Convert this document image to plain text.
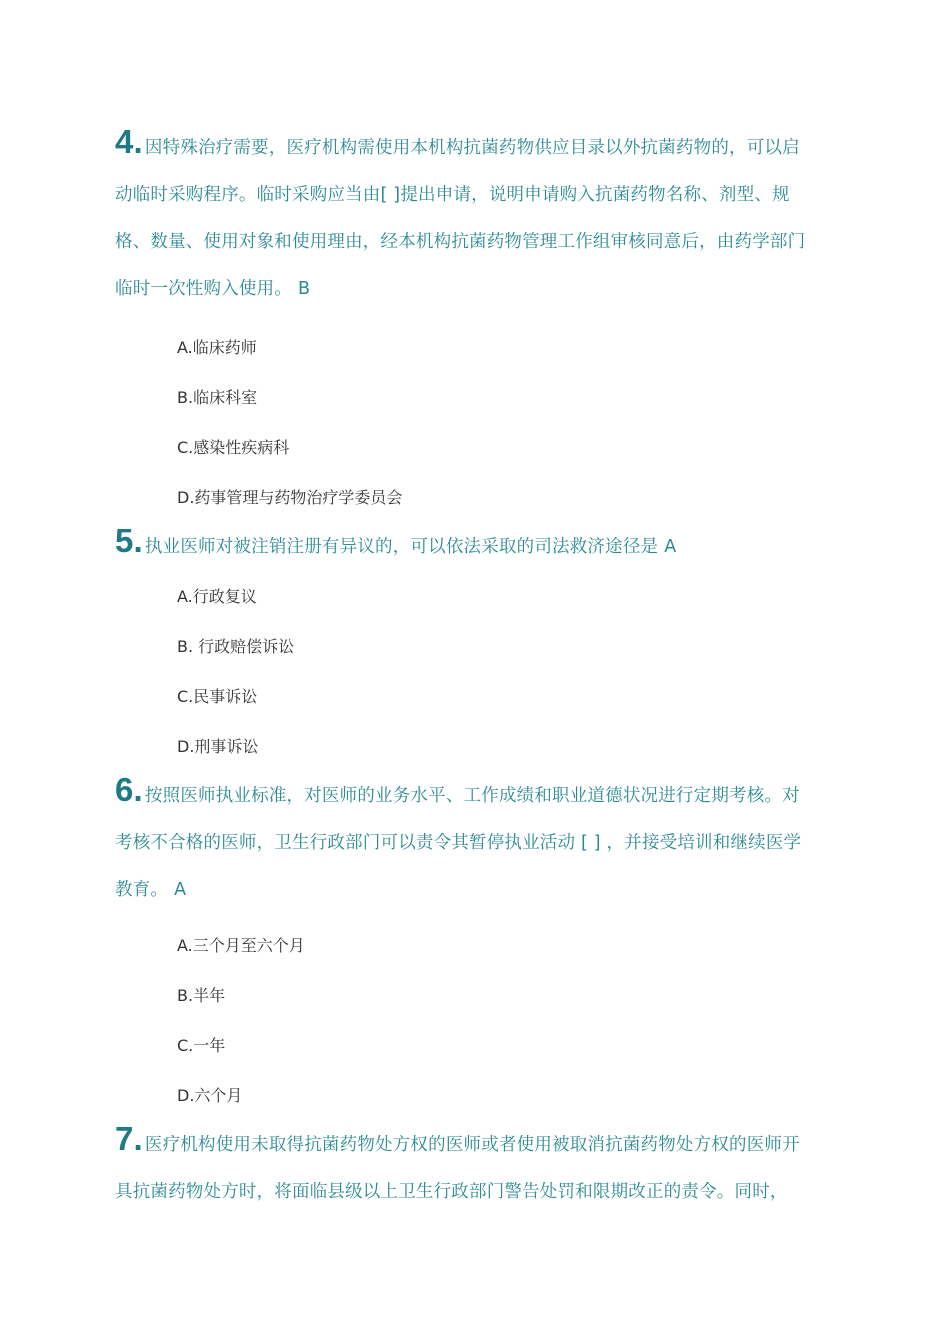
4. 因特殊治疗需要，医疗机构需使用本机构抗菌药物供应目录以外抗菌药物的，可以启动临时采购程序。临时采购应当由[ ]提出申请，说明申请购入抗菌药物名称、剂型、规格、数量、使用对象和使用理由，经本机构抗菌药物管理工作组审核同意后，由药学部门临时一次性购入使用。 B

A.临床药师
B.临床科室
C.感染性疾病科
D.药事管理与药物治疗学委员会

5. 执业医师对被注销注册有异议的，可以依法采取的司法救济途径是 A

A.行政复议
B. 行政赔偿诉讼
C.民事诉讼
D.刑事诉讼

6. 按照医师执业标准，对医师的业务水平、工作成绩和职业道德状况进行定期考核。对考核不合格的医师，卫生行政部门可以责令其暂停执业活动 [ ] ，并接受培训和继续医学教育。 A

A.三个月至六个月
B.半年
C.一年
D.六个月

7. 医疗机构使用未取得抗菌药物处方权的医师或者使用被取消抗菌药物处方权的医师开具抗菌药物处方时，将面临县级以上卫生行政部门警告处罚和限期改正的责令。同时，
